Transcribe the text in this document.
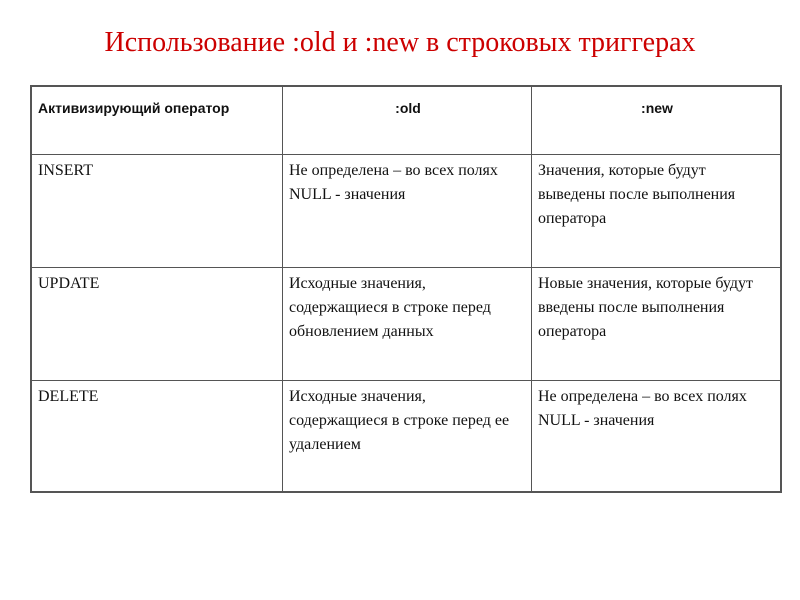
Использование :old и :new в строковых триггерах
Активизирующий оператор	:old	:new
INSERT	Не определена – во всех полях NULL - значения	Значения, которые будут выведены после выполнения оператора
UPDATE	Исходные значения, содержащиеся в строке перед обновлением данных	Новые значения, которые будут введены после выполнения оператора
DELETE	Исходные значения, содержащиеся в строке перед ее удалением	Не определена – во всех полях NULL - значения
